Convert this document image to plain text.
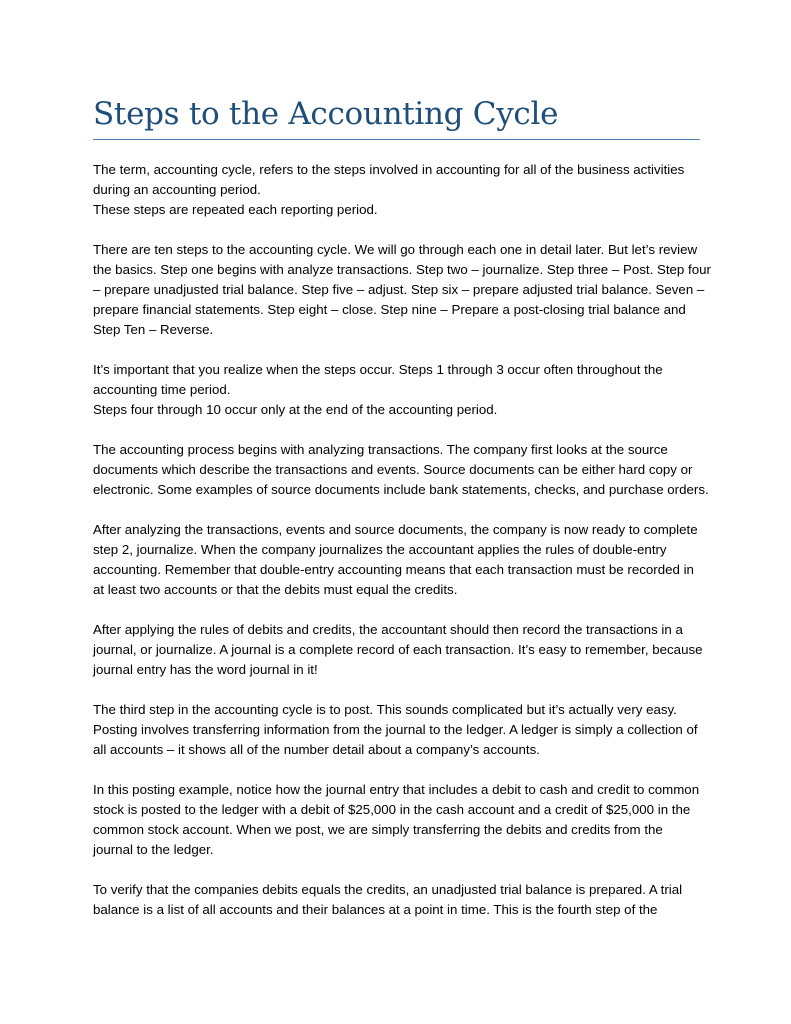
Steps to the Accounting Cycle

The term, accounting cycle, refers to the steps involved in accounting for all of the business activities
during an accounting period.
These steps are repeated each reporting period.

There are ten steps to the accounting cycle. We will go through each one in detail later. But let’s review
the basics. Step one begins with analyze transactions. Step two – journalize. Step three – Post. Step four
– prepare unadjusted trial balance. Step five – adjust. Step six – prepare adjusted trial balance. Seven –
prepare financial statements. Step eight – close. Step nine – Prepare a post-closing trial balance and
Step Ten – Reverse.

It’s important that you realize when the steps occur. Steps 1 through 3 occur often throughout the
accounting time period.
Steps four through 10 occur only at the end of the accounting period.

The accounting process begins with analyzing transactions. The company first looks at the source
documents which describe the transactions and events. Source documents can be either hard copy or
electronic. Some examples of source documents include bank statements, checks, and purchase orders.

After analyzing the transactions, events and source documents, the company is now ready to complete
step 2, journalize. When the company journalizes the accountant applies the rules of double-entry
accounting. Remember that double-entry accounting means that each transaction must be recorded in
at least two accounts or that the debits must equal the credits.

After applying the rules of debits and credits, the accountant should then record the transactions in a
journal, or journalize. A journal is a complete record of each transaction. It’s easy to remember, because
journal entry has the word journal in it!

The third step in the accounting cycle is to post. This sounds complicated but it’s actually very easy.
Posting involves transferring information from the journal to the ledger. A ledger is simply a collection of
all accounts – it shows all of the number detail about a company’s accounts.

In this posting example, notice how the journal entry that includes a debit to cash and credit to common
stock is posted to the ledger with a debit of $25,000 in the cash account and a credit of $25,000 in the
common stock account. When we post, we are simply transferring the debits and credits from the
journal to the ledger.

To verify that the companies debits equals the credits, an unadjusted trial balance is prepared. A trial
balance is a list of all accounts and their balances at a point in time. This is the fourth step of the
